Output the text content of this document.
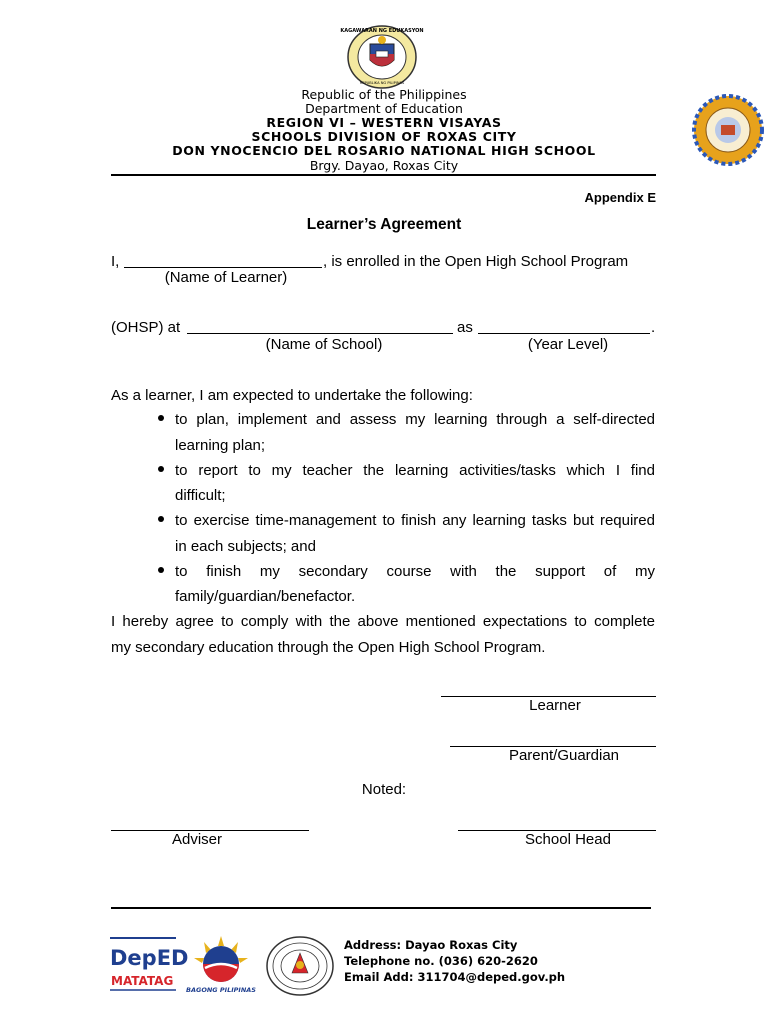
KAGAWARAN NG EDUKASYON
REPUBLIKA NG PILIPINAS
Republic of the Philippines
Department of Education
REGION VI – WESTERN VISAYAS
SCHOOLS DIVISION OF ROXAS CITY
DON YNOCENCIO DEL ROSARIO NATIONAL HIGH SCHOOL
Brgy. Dayao, Roxas City
Appendix E
Learner’s Agreement
I,	, is enrolled in the Open High School Program
(Name of Learner)
(OHSP) at	as	.
(Name of School)	(Year Level)
As a learner, I am expected to undertake the following:
to plan, implement and assess my learning through a self-directed
learning plan;
to report to my teacher the learning activities/tasks which I find
difficult;
to exercise time-management to finish any learning tasks but required
in each subjects; and
to finish my secondary course with the support of my
family/guardian/benefactor.
I hereby agree to comply with the above mentioned expectations to complete
my secondary education through the Open High School Program.
Learner
Parent/Guardian
Noted:
Adviser	School Head
DepED
MATATAG
BAGONG PILIPINAS
Address: Dayao Roxas City
Telephone no. (036) 620-2620
Email Add: 311704@deped.gov.ph
